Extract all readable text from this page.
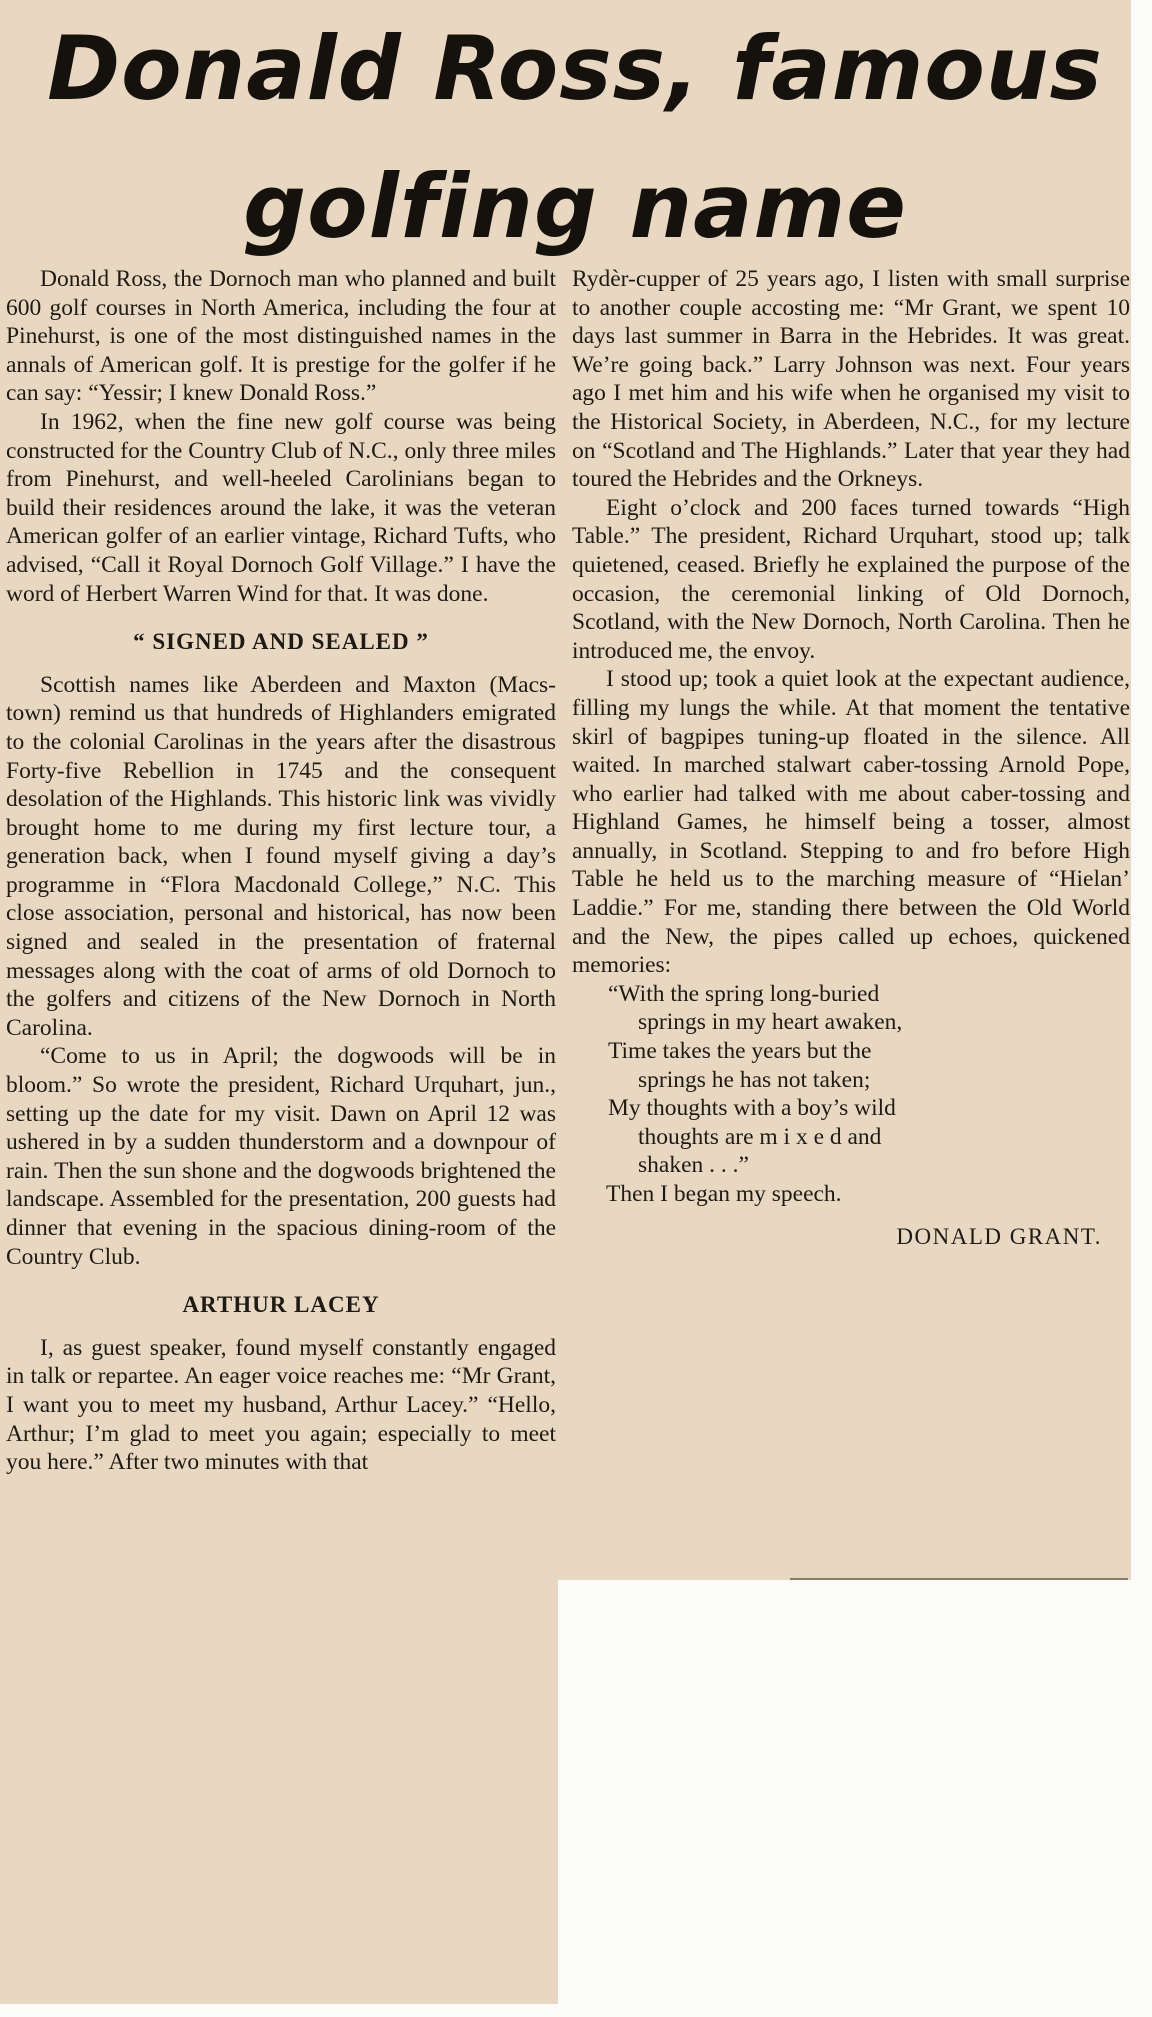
Donald Ross, famous
golfing name

Donald Ross, the Dornoch man who planned and built 600 golf courses in North America, including the four at Pinehurst, is one of the most distinguished names in the annals of American golf. It is prestige for the golfer if he can say: “Yessir; I knew Donald Ross.”

In 1962, when the fine new golf course was being constructed for the Country Club of N.C., only three miles from Pinehurst, and well-heeled Carolinians began to build their residences around the lake, it was the veteran American golfer of an earlier vintage, Richard Tufts, who advised, “Call it Royal Dornoch Golf Village.” I have the word of Herbert Warren Wind for that. It was done.

“ SIGNED AND SEALED ”

Scottish names like Aberdeen and Maxton (Macs-town) remind us that hundreds of Highlanders emigrated to the colonial Carolinas in the years after the disastrous Forty-five Rebellion in 1745 and the consequent desolation of the Highlands. This historic link was vividly brought home to me during my first lecture tour, a generation back, when I found myself giving a day’s programme in “Flora Macdonald College,” N.C. This close association, personal and historical, has now been signed and sealed in the presentation of fraternal messages along with the coat of arms of old Dornoch to the golfers and citizens of the New Dornoch in North Carolina.

“Come to us in April; the dogwoods will be in bloom.” So wrote the president, Richard Urquhart, jun., setting up the date for my visit. Dawn on April 12 was ushered in by a sudden thunderstorm and a downpour of rain. Then the sun shone and the dogwoods brightened the landscape. Assembled for the presentation, 200 guests had dinner that evening in the spacious dining-room of the Country Club.

ARTHUR LACEY

I, as guest speaker, found myself constantly engaged in talk or repartee. An eager voice reaches me: “Mr Grant, I want you to meet my husband, Arthur Lacey.” “Hello, Arthur; I’m glad to meet you again; especially to meet you here.” After two minutes with that

Rydèr-cupper of 25 years ago, I listen with small surprise to another couple accosting me: “Mr Grant, we spent 10 days last summer in Barra in the Hebrides. It was great. We’re going back.” Larry Johnson was next. Four years ago I met him and his wife when he organised my visit to the Historical Society, in Aberdeen, N.C., for my lecture on “Scotland and The Highlands.” Later that year they had toured the Hebrides and the Orkneys.

Eight o’clock and 200 faces turned towards “High Table.” The president, Richard Urquhart, stood up; talk quietened, ceased. Briefly he explained the purpose of the occasion, the ceremonial linking of Old Dornoch, Scotland, with the New Dornoch, North Carolina. Then he introduced me, the envoy.

I stood up; took a quiet look at the expectant audience, filling my lungs the while. At that moment the tentative skirl of bagpipes tuning-up floated in the silence. All waited. In marched stalwart caber-tossing Arnold Pope, who earlier had talked with me about caber-tossing and Highland Games, he himself being a tosser, almost annually, in Scotland. Stepping to and fro before High Table he held us to the marching measure of “Hielan’ Laddie.” For me, standing there between the Old World and the New, the pipes called up echoes, quickened memories:

“With the spring long-buried
springs in my heart awaken,
Time takes the years but the
springs he has not taken;
My thoughts with a boy’s wild
thoughts are m i x e d and
shaken . . .”

Then I began my speech.

DONALD GRANT.
